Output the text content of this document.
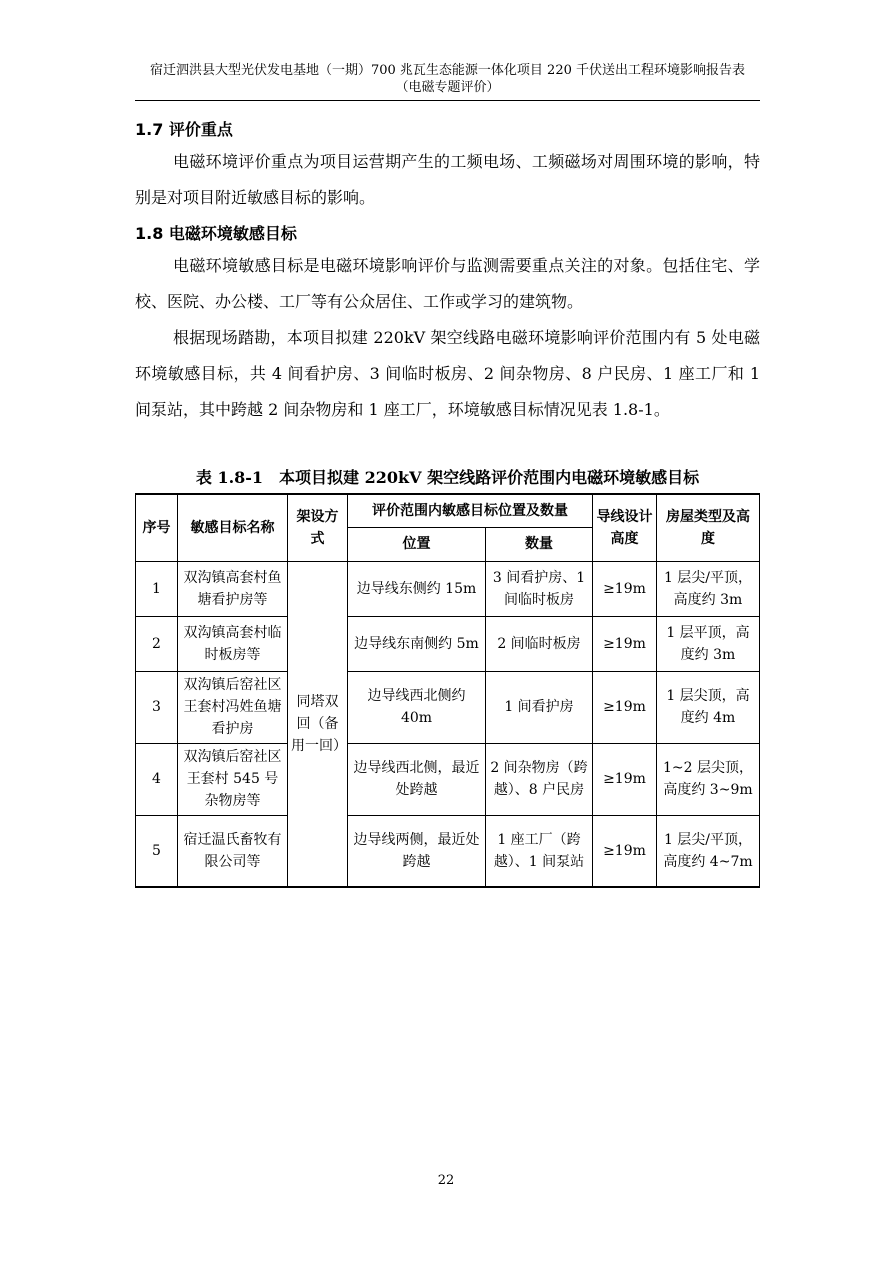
宿迁泗洪县大型光伏发电基地（一期）700 兆瓦生态能源一体化项目 220 千伏送出工程环境影响报告表
（电磁专题评价）
1.7 评价重点
电磁环境评价重点为项目运营期产生的工频电场、工频磁场对周围环境的影响，特别是对项目附近敏感目标的影响。
1.8 电磁环境敏感目标
电磁环境敏感目标是电磁环境影响评价与监测需要重点关注的对象。包括住宅、学校、医院、办公楼、工厂等有公众居住、工作或学习的建筑物。
根据现场踏勘，本项目拟建 220kV 架空线路电磁环境影响评价范围内有 5 处电磁环境敏感目标，共 4 间看护房、3 间临时板房、2 间杂物房、8 户民房、1 座工厂和 1 间泵站，其中跨越 2 间杂物房和 1 座工厂，环境敏感目标情况见表 1.8-1。
表 1.8-1　本项目拟建 220kV 架空线路评价范围内电磁环境敏感目标
序号	敏感目标名称	架设方式	评价范围内敏感目标位置及数量		导线设计高度	房屋类型及高度
			位置	数量		
1	双沟镇高套村鱼塘看护房等	同塔双回（备用一回）	边导线东侧约 15m	3 间看护房、1 间临时板房	≥19m	1 层尖/平顶，高度约 3m
2	双沟镇高套村临时板房等		边导线东南侧约 5m	2 间临时板房	≥19m	1 层平顶，高度约 3m
3	双沟镇后窑社区王套村冯姓鱼塘看护房		边导线西北侧约 40m	1 间看护房	≥19m	1 层尖顶，高度约 4m
4	双沟镇后窑社区王套村 545 号杂物房等		边导线西北侧，最近处跨越	2 间杂物房（跨越）、8 户民房	≥19m	1~2 层尖顶，高度约 3~9m
5	宿迁温氏畜牧有限公司等		边导线两侧，最近处跨越	1 座工厂（跨越）、1 间泵站	≥19m	1 层尖/平顶，高度约 4~7m
22
